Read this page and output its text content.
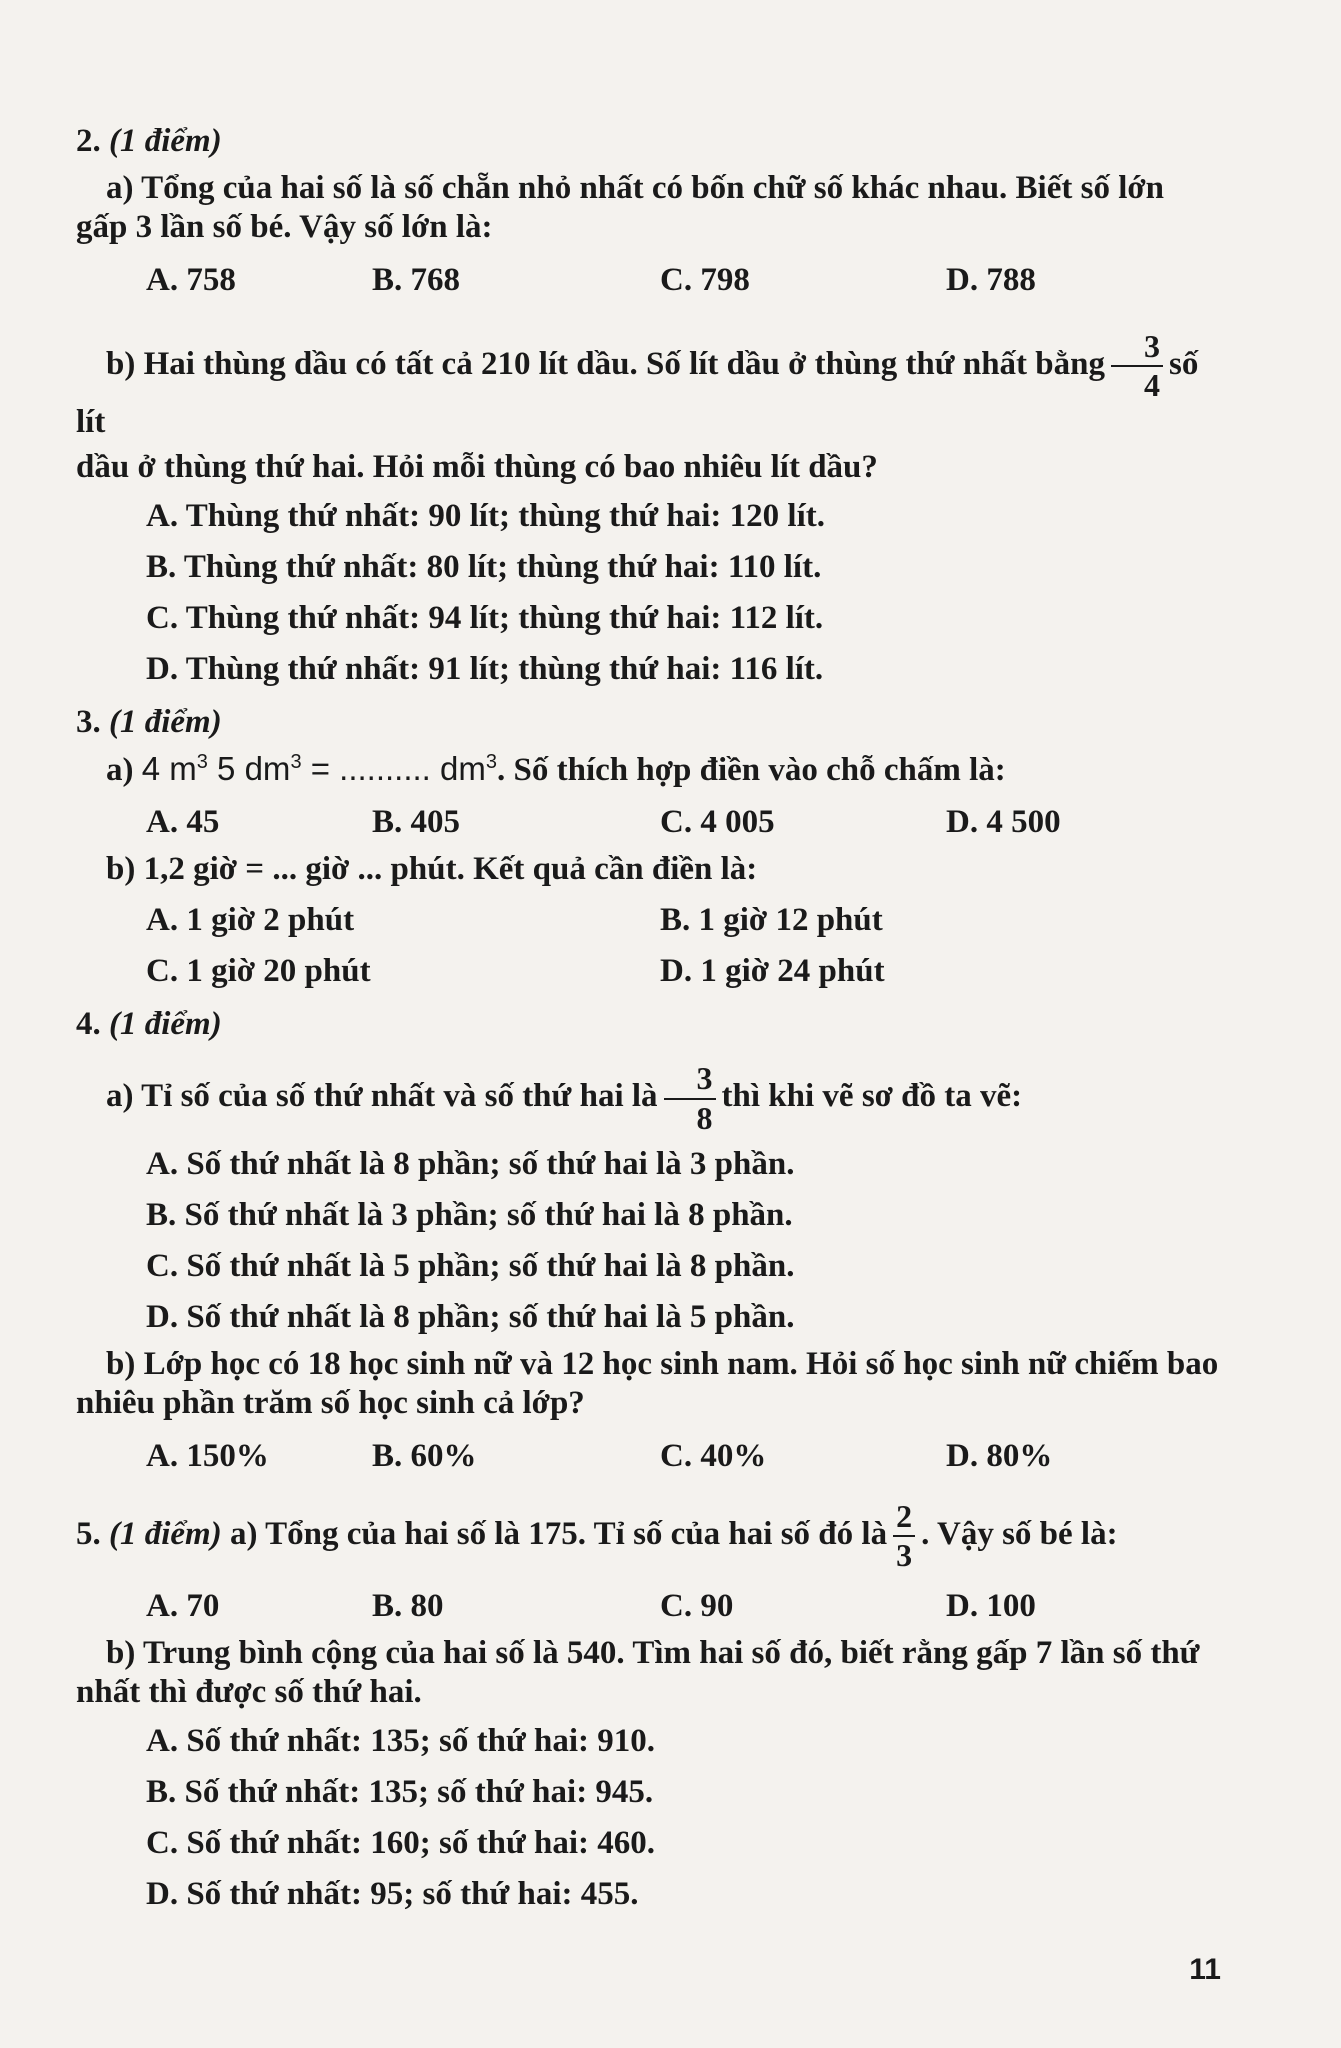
2. (1 điểm)
a) Tổng của hai số là số chẵn nhỏ nhất có bốn chữ số khác nhau. Biết số lớn gấp 3 lần số bé. Vậy số lớn là:
A. 758	B. 768	C. 798	D. 788
b) Hai thùng dầu có tất cả 210 lít dầu. Số lít dầu ở thùng thứ nhất bằng $\frac{3}{4}$ số lít
dầu ở thùng thứ hai. Hỏi mỗi thùng có bao nhiêu lít dầu?
A. Thùng thứ nhất: 90 lít; thùng thứ hai: 120 lít.
B. Thùng thứ nhất: 80 lít; thùng thứ hai: 110 lít.
C. Thùng thứ nhất: 94 lít; thùng thứ hai: 112 lít.
D. Thùng thứ nhất: 91 lít; thùng thứ hai: 116 lít.
3. (1 điểm)
a) 4 $m^3$ 5 $dm^3$ = .......... $dm^3$. Số thích hợp điền vào chỗ chấm là:
A. 45	B. 405	C. 4 005	D. 4 500
b) 1,2 giờ = ... giờ ... phút. Kết quả cần điền là:
A. 1 giờ 2 phút	B. 1 giờ 12 phút
C. 1 giờ 20 phút	D. 1 giờ 24 phút
4. (1 điểm)
a) Tỉ số của số thứ nhất và số thứ hai là $\frac{3}{8}$ thì khi vẽ sơ đồ ta vẽ:
A. Số thứ nhất là 8 phần; số thứ hai là 3 phần.
B. Số thứ nhất là 3 phần; số thứ hai là 8 phần.
C. Số thứ nhất là 5 phần; số thứ hai là 8 phần.
D. Số thứ nhất là 8 phần; số thứ hai là 5 phần.
b) Lớp học có 18 học sinh nữ và 12 học sinh nam. Hỏi số học sinh nữ chiếm bao nhiêu phần trăm số học sinh cả lớp?
A. 150%	B. 60%	C. 40%	D. 80%
5. (1 điểm) a) Tổng của hai số là 175. Tỉ số của hai số đó là $\frac{2}{3}$ . Vậy số bé là:
A. 70	B. 80	C. 90	D. 100
b) Trung bình cộng của hai số là 540. Tìm hai số đó, biết rằng gấp 7 lần số thứ nhất thì được số thứ hai.
A. Số thứ nhất: 135; số thứ hai: 910.
B. Số thứ nhất: 135; số thứ hai: 945.
C. Số thứ nhất: 160; số thứ hai: 460.
D. Số thứ nhất: 95; số thứ hai: 455.
11
